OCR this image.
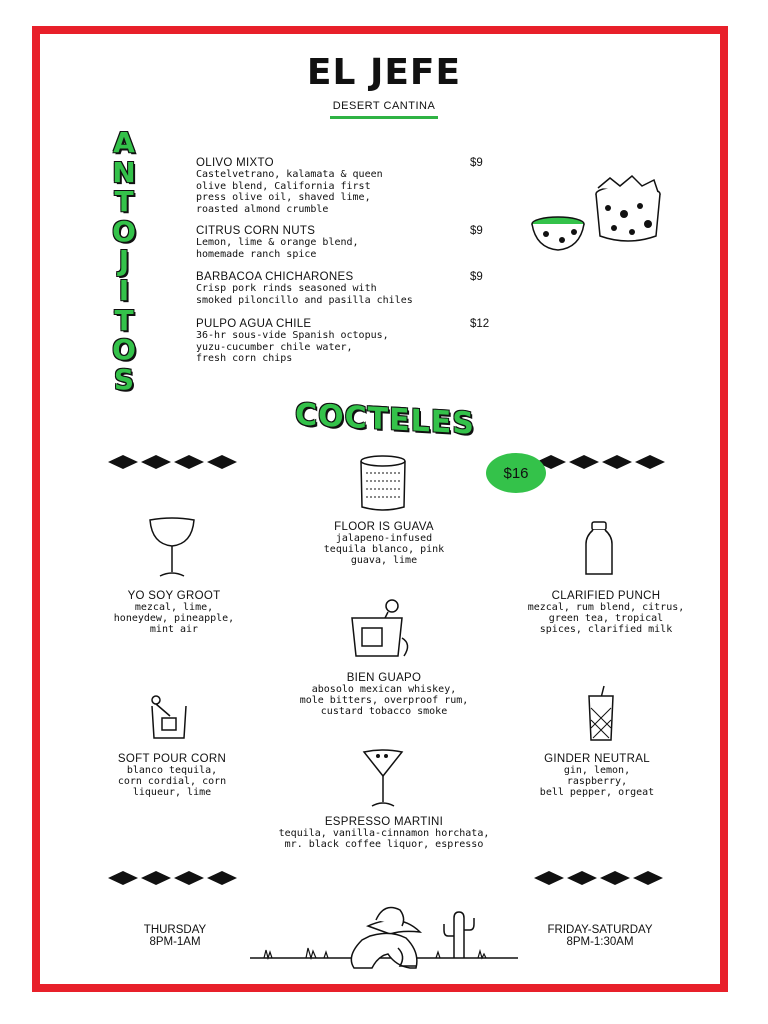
EL JEFE
DESERT CANTINA
A
N
T
O
J
I
T
O
S
OLIVO MIXTO	$9
Castelvetrano, kalamata & queen
olive blend, California first
press olive oil, shaved lime,
roasted almond crumble
CITRUS CORN NUTS	$9
Lemon, lime & orange blend,
homemade ranch spice
BARBACOA CHICHARONES	$9
Crisp pork rinds seasoned with
smoked piloncillo and pasilla chiles
PULPO AGUA CHILE	$12
36-hr sous-vide Spanish octopus,
yuzu-cucumber chile water,
fresh corn chips
COCTELES
$16
FLOOR IS GUAVA
jalapeno-infused
tequila blanco, pink
guava, lime
YO SOY GROOT
mezcal, lime,
honeydew, pineapple,
mint air
CLARIFIED PUNCH
mezcal, rum blend, citrus,
green tea, tropical
spices, clarified milk
BIEN GUAPO
abosolo mexican whiskey,
mole bitters, overproof rum,
custard tobacco smoke
SOFT POUR CORN
blanco tequila,
corn cordial, corn
liqueur, lime
GINDER NEUTRAL
gin, lemon,
raspberry,
bell pepper, orgeat
ESPRESSO MARTINI
tequila, vanilla-cinnamon horchata,
mr. black coffee liquor, espresso
THURSDAY
8PM-1AM
FRIDAY-SATURDAY
8PM-1:30AM
